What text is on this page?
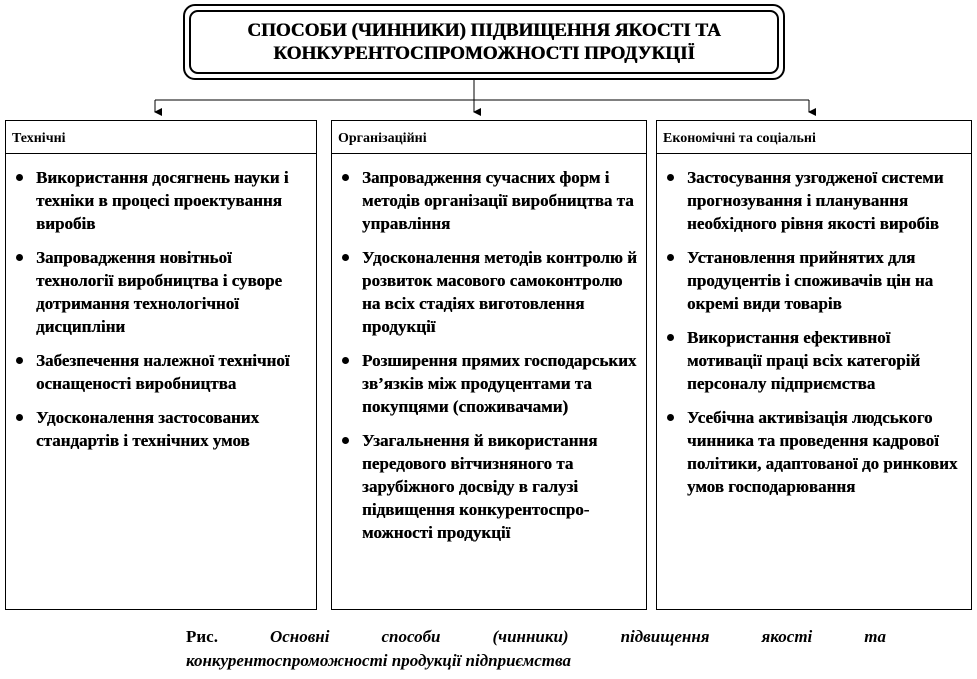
СПОСОБИ (ЧИННИКИ) ПІДВИЩЕННЯ ЯКОСТІ ТА
КОНКУРЕНТОСПРОМОЖНОСТІ ПРОДУКЦІЇ
Технічні
Використання досягнень науки і техніки в процесі проектування виробів
Запровадження новітньої технології виробництва і суворе дотримання технологічної дисципліни
Забезпечення належної технічної оснащеності виробництва
Удосконалення застосованих стандартів і технічних умов
Організаційні
Запровадження сучасних форм і методів організації виробництва та управління
Удосконалення методів контролю й розвиток масового самоконтролю на всіх стадіях виготовлення продукції
Розширення прямих господарських зв’язків між продуцентами та покупцями (споживачами)
Узагальнення й використання передового вітчизняного та зарубіжного досвіду в галузі підвищення конкурентоспро-можності продукції
Економічні та соціальні
Застосування узгодженої системи прогнозування і планування необхідного рівня якості виробів
Установлення прийнятих для продуцентів і споживачів цін на окремі види товарів
Використання ефективної мотивації праці всіх категорій персоналу підприємства
Усебічна активізація людського чинника та проведення кадрової політики, адаптованої до ринкових умов господарювання
Рис.	Основні	способи	(чинники)	підвищення	якості	та
конкурентоспроможності продукції підприємства
